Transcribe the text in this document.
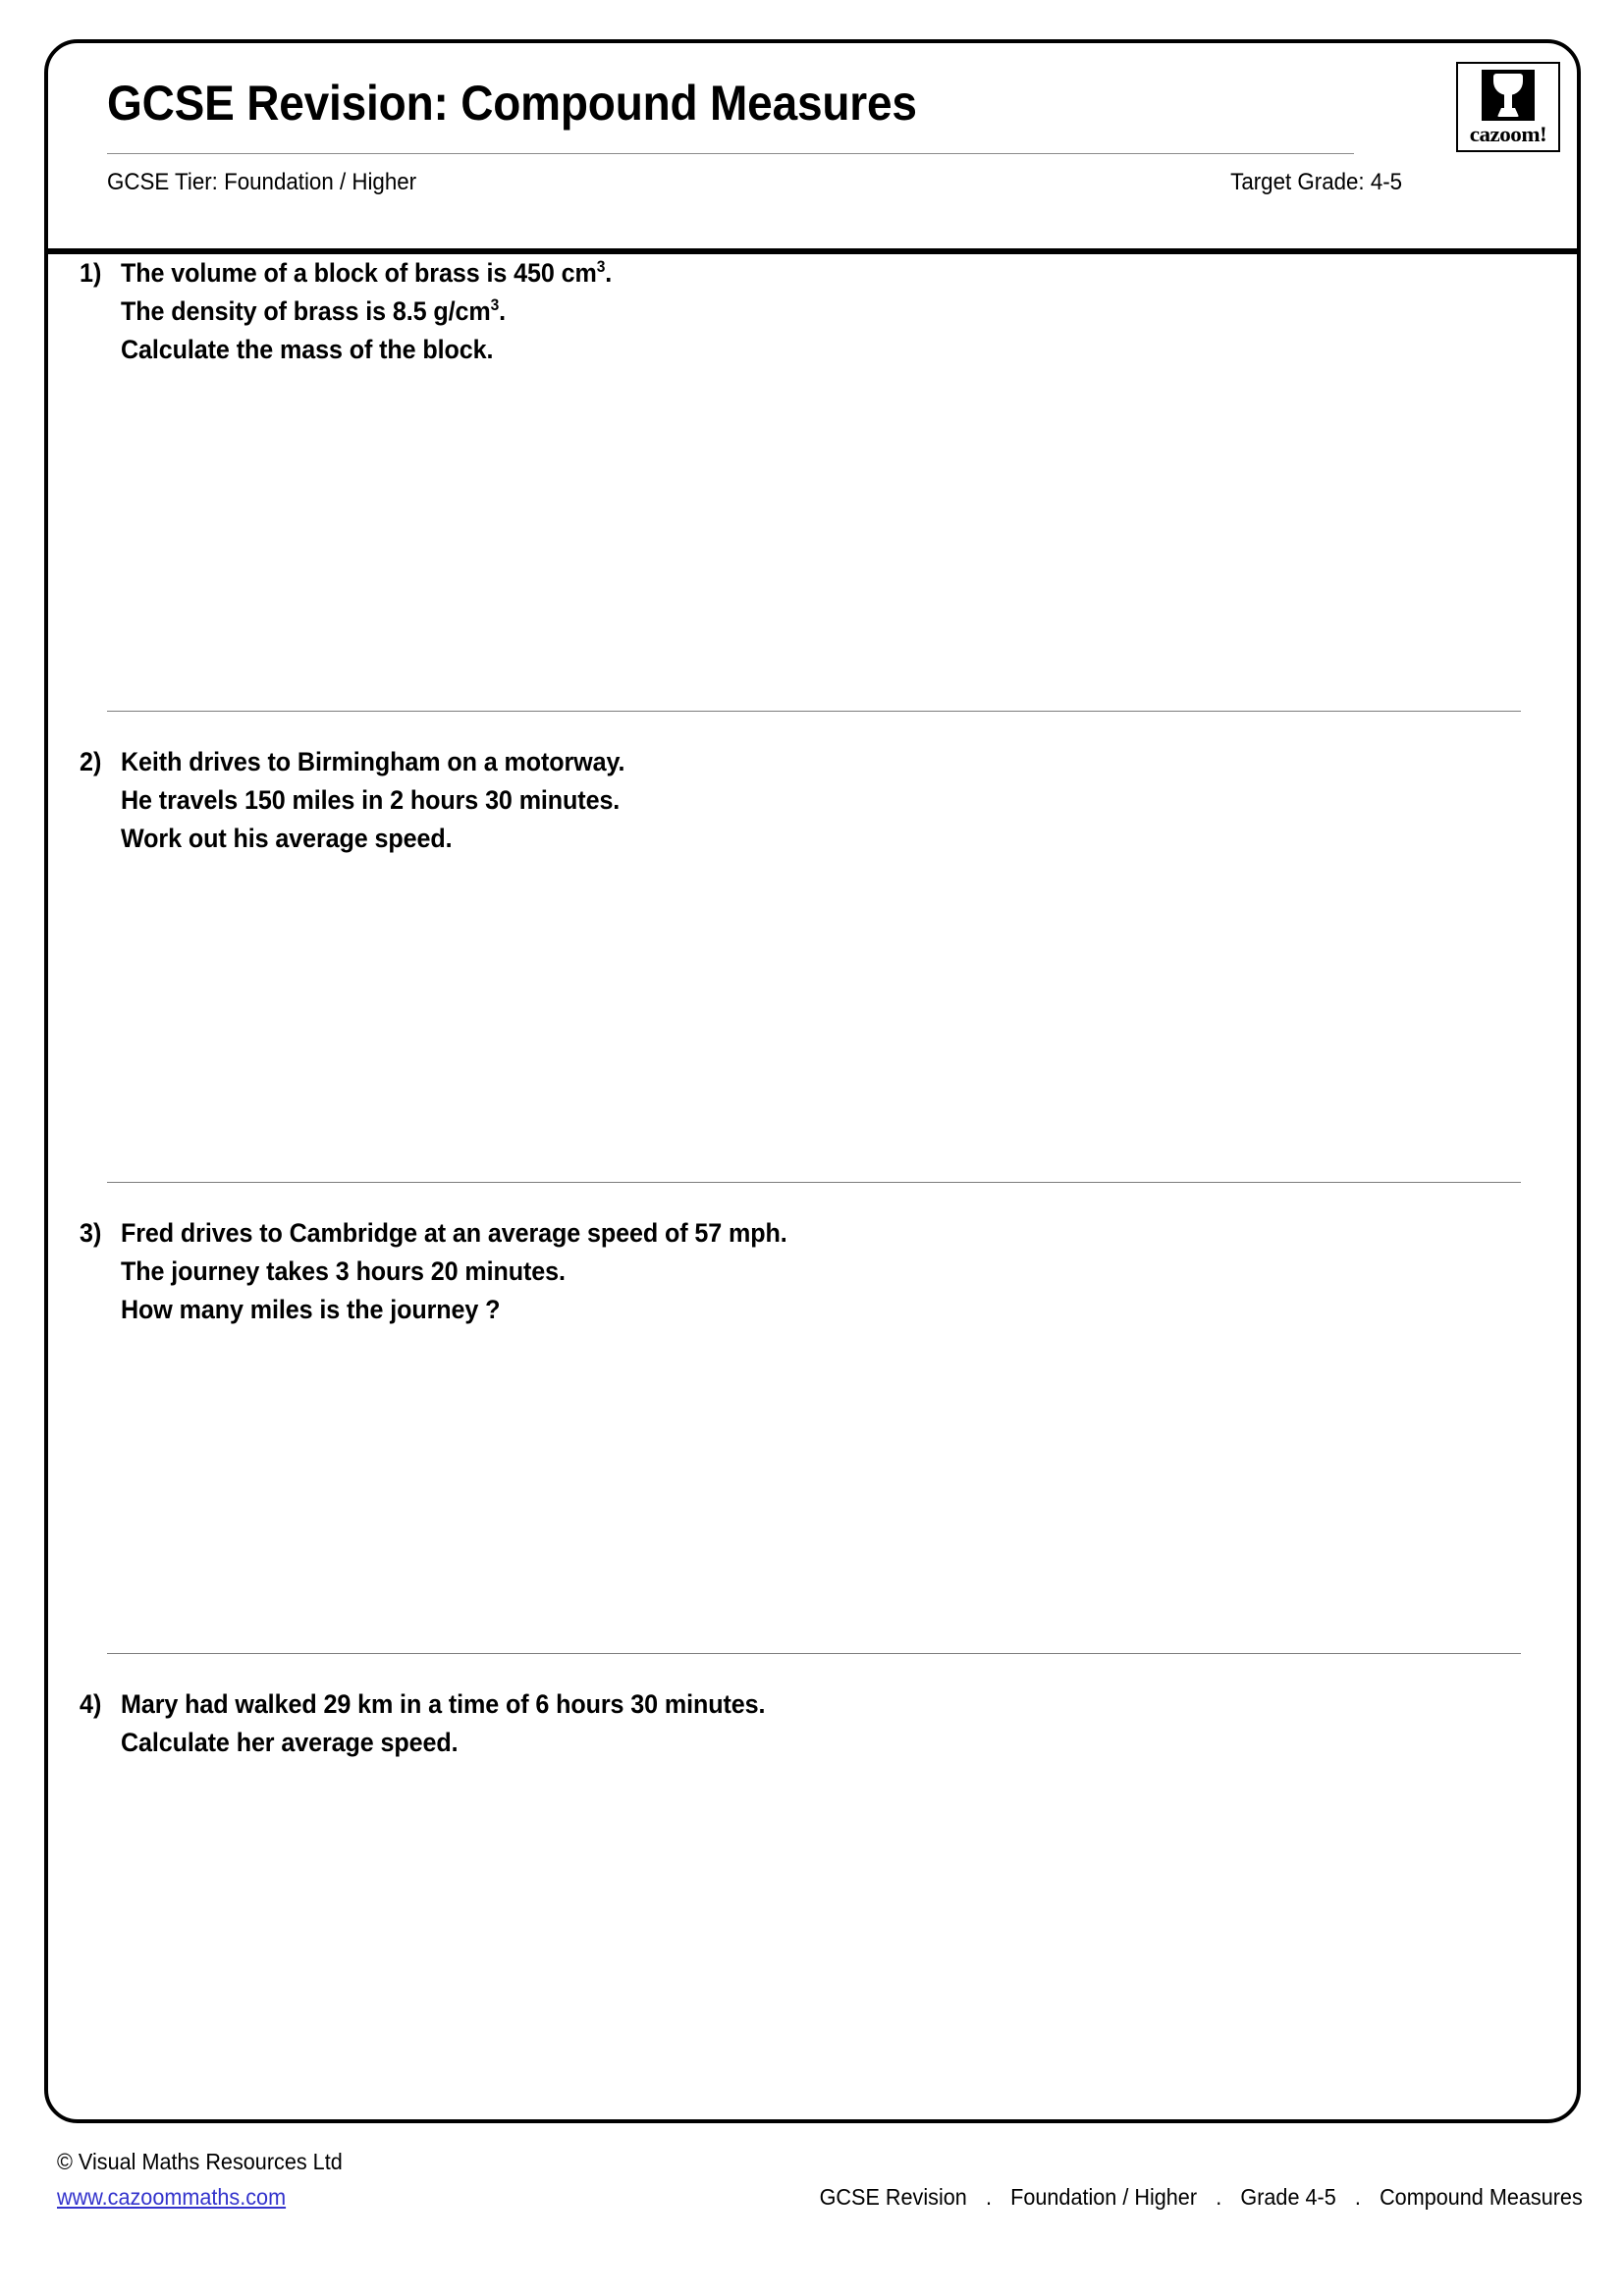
GCSE Revision: Compound Measures
GCSE Tier: Foundation / Higher	Target Grade: 4-5
cazoom!
1) The volume of a block of brass is 450 $cm^3$.
The density of brass is 8.5 $g/cm^3$.
Calculate the mass of the block.
2) Keith drives to Birmingham on a motorway.
He travels 150 miles in 2 hours 30 minutes.
Work out his average speed.
3) Fred drives to Cambridge at an average speed of 57 mph.
The journey takes 3 hours 20 minutes.
How many miles is the journey ?
4) Mary had walked 29 km in a time of 6 hours 30 minutes.
Calculate her average speed.
© Visual Maths Resources Ltd
www.cazoommaths.com	GCSE Revision . Foundation / Higher . Grade 4-5 . Compound Measures
